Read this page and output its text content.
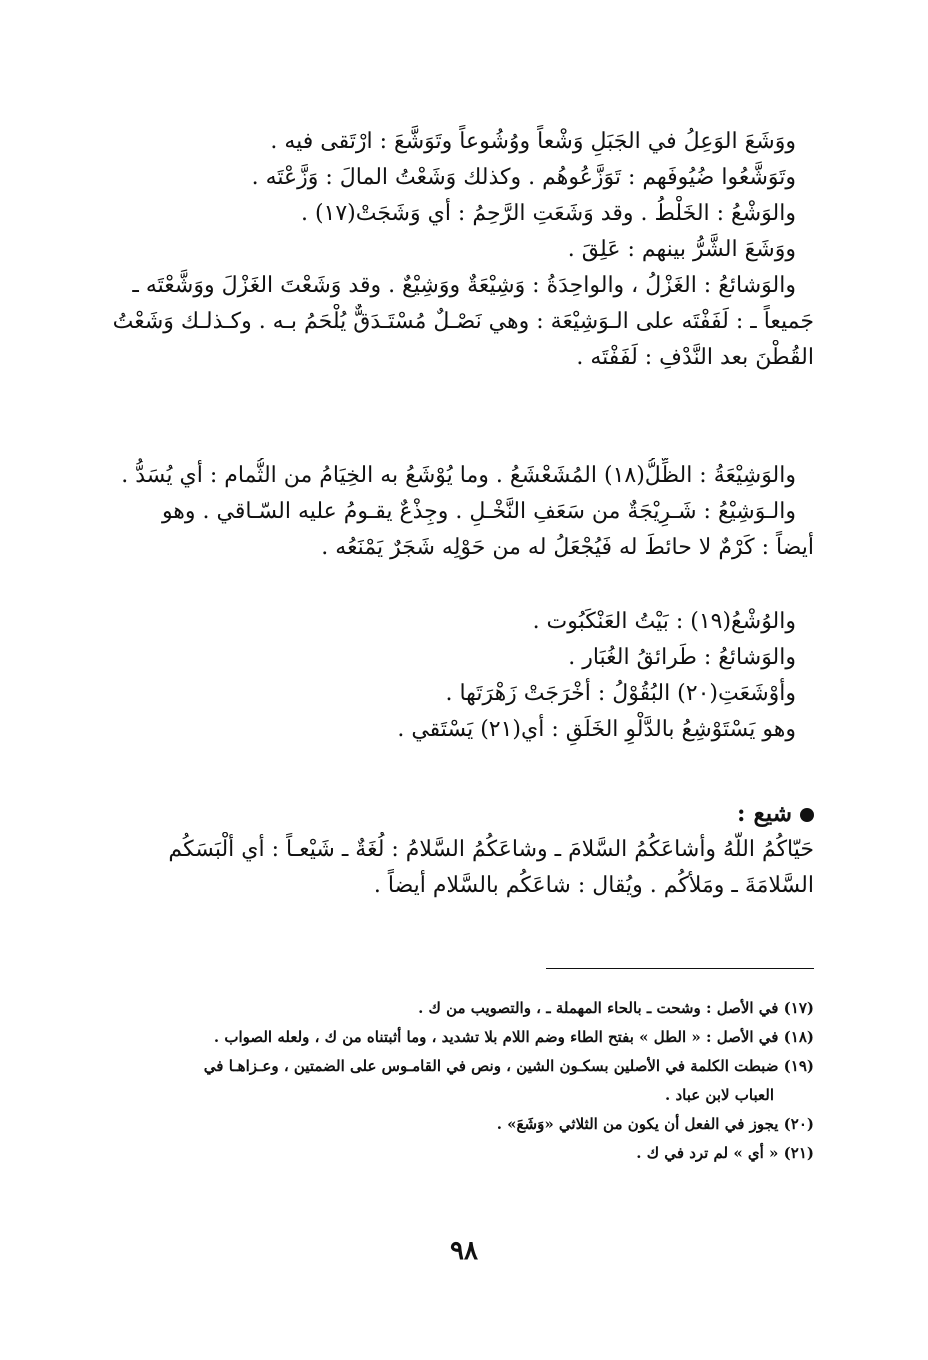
ووَشَعَ الوَعِلُ في الجَبَلِ وَشْعاً ووُشُوعاً وتَوَشَّعَ : ارْتَقى فيه .
وتَوَشَّعُوا ضُيُوفَهم : تَوَزَّعُوهُم . وكذلك وَشَعْتُ المالَ : وَزَّعْتَه .
والوَشْعُ : الخَلْطُ . وقد وَشَعَتِ الرَّحِمُ : أي وَشَجَتْ(١٧) .
ووَشَعَ الشَّرُّ بينهم : عَلِقَ .
والوَشائعُ : الغَزْلُ ، والواحِدَةُ : وَشِيْعَةٌ ووَشِيْعٌ . وقد وَشَعْتَ الغَزْلَ ووَشَّعْتَه ـ
جَميعاً ـ : لَفَفْتَه على الـوَشِيْعَة : وهي نَصْـلٌ مُسْتَـدَقٌّ يُلْحَمُ بـه . وكـذلـك وَشَعْتُ
القُطْنَ بعد النَّدْفِ : لَفَفْتَه .
والوَشِيْعَةُ : الظِّلُّ(١٨) المُشَعْشَعُ . وما يُوْشَعُ به الخِيَامُ من الثُّمام : أي يُسَدُّ .
والـوَشِيْعُ : شَـرِيْجَةٌ من سَعَفِ النَّخْـلِ . وجِذْعٌ يقـومُ عليه السّـاقي . وهو
أيضاً : كَرْمٌ لا حائطَ له فَيُجْعَلُ له من حَوْلِه شَجَرٌ يَمْنَعُه .
والوُشْعُ(١٩) : بَيْتُ العَنْكَبُوت .
والوَشائعُ : طَرائقُ الغُبَار .
وأوْشَعَتِ(٢٠) البُقُوْلُ : أخْرَجَتْ زَهْرَتَها .
وهو يَسْتَوْشِعُ بالدَّلْوِ الخَلَقِ : أي(٢١) يَسْتَقي .
شيع :
حَيّاكُمُ اللّهُ وأشاعَكُمُ السَّلامَ ـ وشاعَكُمُ السَّلامُ : لُغَةٌ ـ شَيْعـاً : أي ألْبَسَكُم
السَّلامَةَ ـ ومَلأكُم . ويُقال : شاعَكُم بالسَّلام أيضاً .
(١٧) في الأصل : وشحت ـ بالحاء المهملة ـ ، والتصويب من ك .
(١٨) في الأصل : « الطل » بفتح الطاء وضم اللام بلا تشديد ، وما أثبتناه من ك ، ولعله الصواب .
(١٩) ضبطت الكلمة في الأصلين بسكـون الشين ، ونص في القامـوس على الضمتين ، وعـزاهـا في
العباب لابن عباد .
(٢٠) يجوز في الفعل أن يكون من الثلاثي «وَشَعَ» .
(٢١) « أي » لم ترد في ك .
٩٨
